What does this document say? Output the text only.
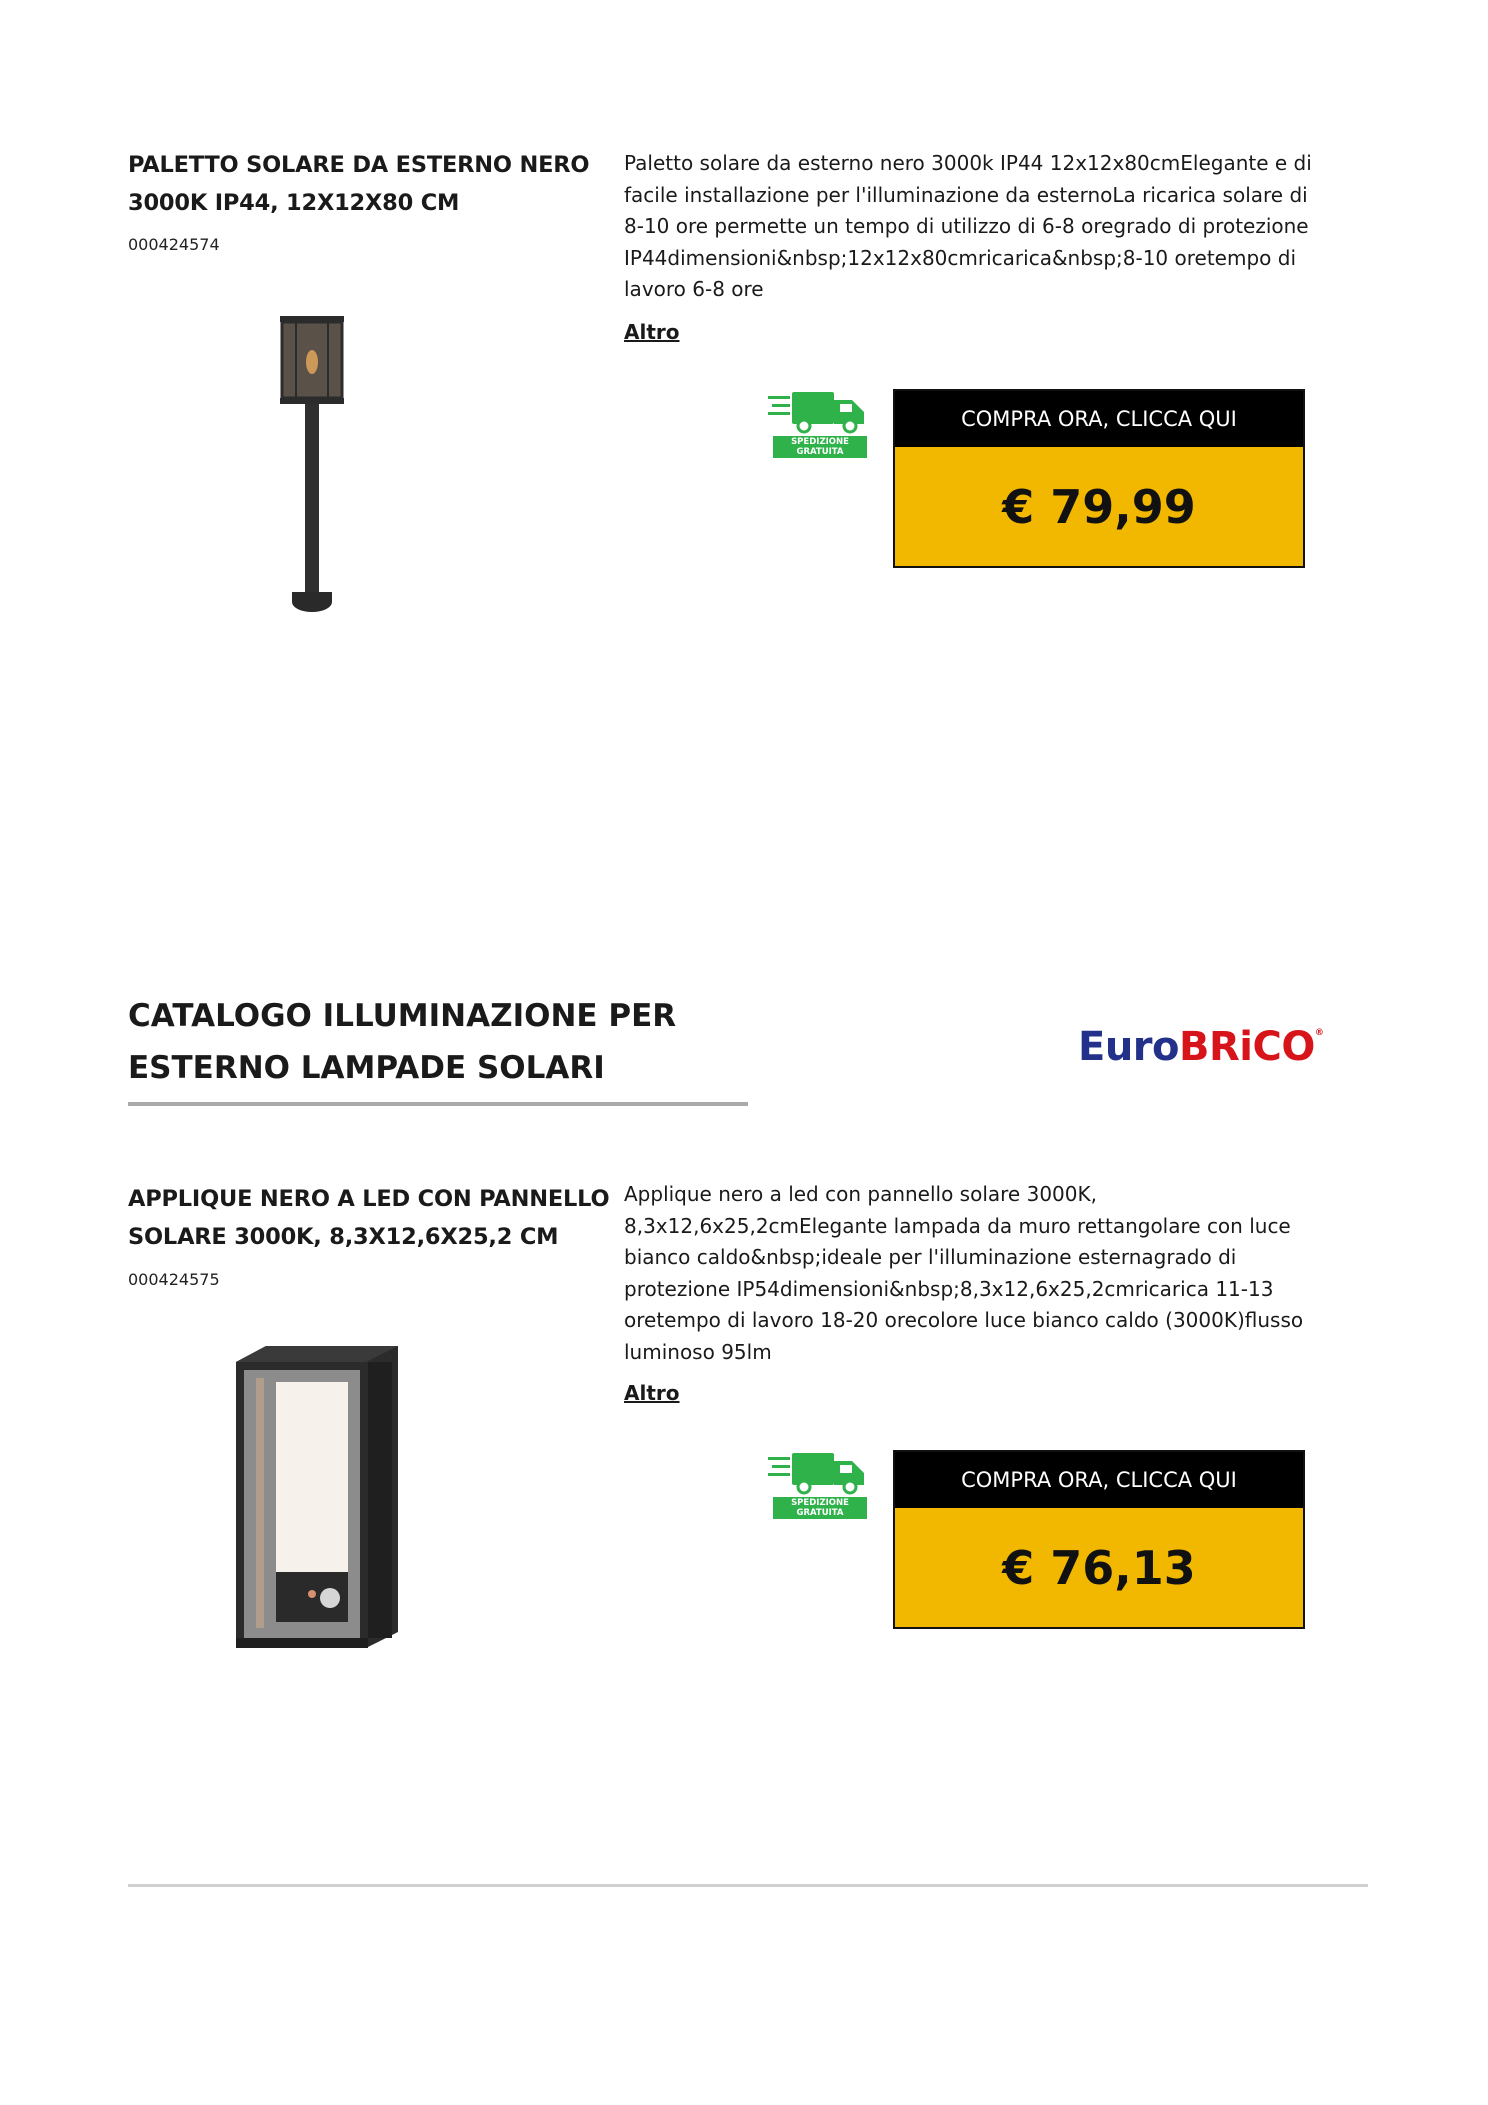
PALETTO SOLARE DA ESTERNO NERO 3000K IP44, 12X12X80 CM
000424574
Paletto solare da esterno nero 3000k IP44 12x12x80cmElegante e di facile installazione per l'illuminazione da esternoLa ricarica solare di 8-10 ore permette un tempo di utilizzo di 6-8 oregrado di protezione IP44dimensioni&nbsp;12x12x80cmricarica&nbsp;8-10 oretempo di lavoro 6-8 ore
Altro
SPEDIZIONE GRATUITA
COMPRA ORA, CLICCA QUI
€ 79,99
CATALOGO ILLUMINAZIONE PER ESTERNO LAMPADE SOLARI	EuroBRiCO®
APPLIQUE NERO A LED CON PANNELLO SOLARE 3000K, 8,3X12,6X25,2 CM
000424575
Applique nero a led con pannello solare 3000K, 8,3x12,6x25,2cmElegante lampada da muro rettangolare con luce bianco caldo&nbsp;ideale per l'illuminazione esternagrado di protezione IP54dimensioni&nbsp;8,3x12,6x25,2cmricarica 11-13 oretempo di lavoro 18-20 orecolore luce bianco caldo (3000K)flusso luminoso 95lm
Altro
SPEDIZIONE GRATUITA
COMPRA ORA, CLICCA QUI
€ 76,13
